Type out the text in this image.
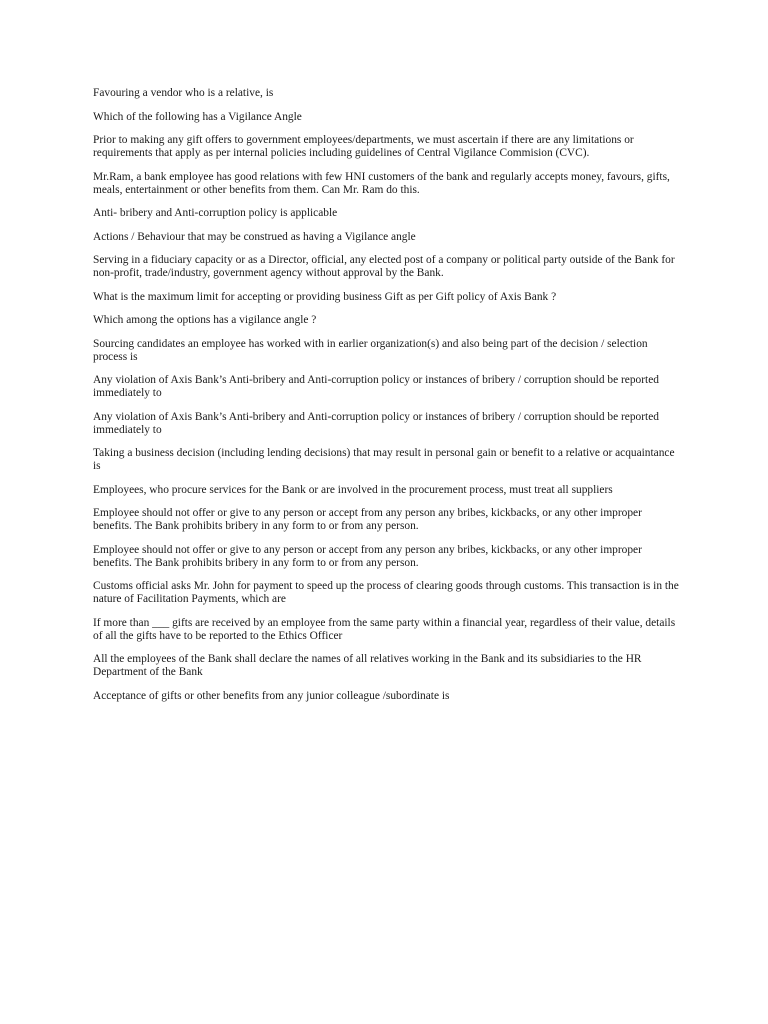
Favouring a vendor who is a relative, is

Which of the following has a Vigilance Angle

Prior to making any gift offers to government employees/departments, we must ascertain if there are any limitations or requirements that apply as per internal policies including guidelines of Central Vigilance Commision (CVC).

Mr.Ram, a bank employee has good relations with few HNI customers of the bank and regularly accepts money, favours, gifts, meals, entertainment or other benefits from them. Can Mr. Ram do this.

Anti- bribery and Anti-corruption policy is applicable

Actions / Behaviour that may be construed as having a Vigilance angle

Serving in a fiduciary capacity or as a Director, official, any elected post of a company or political party outside of the Bank for non-profit, trade/industry, government agency without approval by the Bank.

What is the maximum limit for accepting or providing business Gift as per Gift policy of Axis Bank ?

Which among the options has a vigilance angle ?

Sourcing candidates an employee has worked with in earlier organization(s) and also being part of the decision / selection process is

Any violation of Axis Bank’s Anti-bribery and Anti-corruption policy or instances of bribery / corruption should be reported immediately to

Any violation of Axis Bank’s Anti-bribery and Anti-corruption policy or instances of bribery / corruption should be reported immediately to

Taking a business decision (including lending decisions) that may result in personal gain or benefit to a relative or acquaintance is

Employees, who procure services for the Bank or are involved in the procurement process, must treat all suppliers

Employee should not offer or give to any person or accept from any person any bribes, kickbacks, or any other improper benefits. The Bank prohibits bribery in any form to or from any person.

Employee should not offer or give to any person or accept from any person any bribes, kickbacks, or any other improper benefits. The Bank prohibits bribery in any form to or from any person.

Customs official asks Mr. John for payment to speed up the process of clearing goods through customs. This transaction is in the nature of Facilitation Payments, which are

If more than ___ gifts are received by an employee from the same party within a financial year, regardless of their value, details of all the gifts have to be reported to the Ethics Officer

All the employees of the Bank shall declare the names of all relatives working in the Bank and its subsidiaries to the HR Department of the Bank

Acceptance of gifts or other benefits from any junior colleague /subordinate is
